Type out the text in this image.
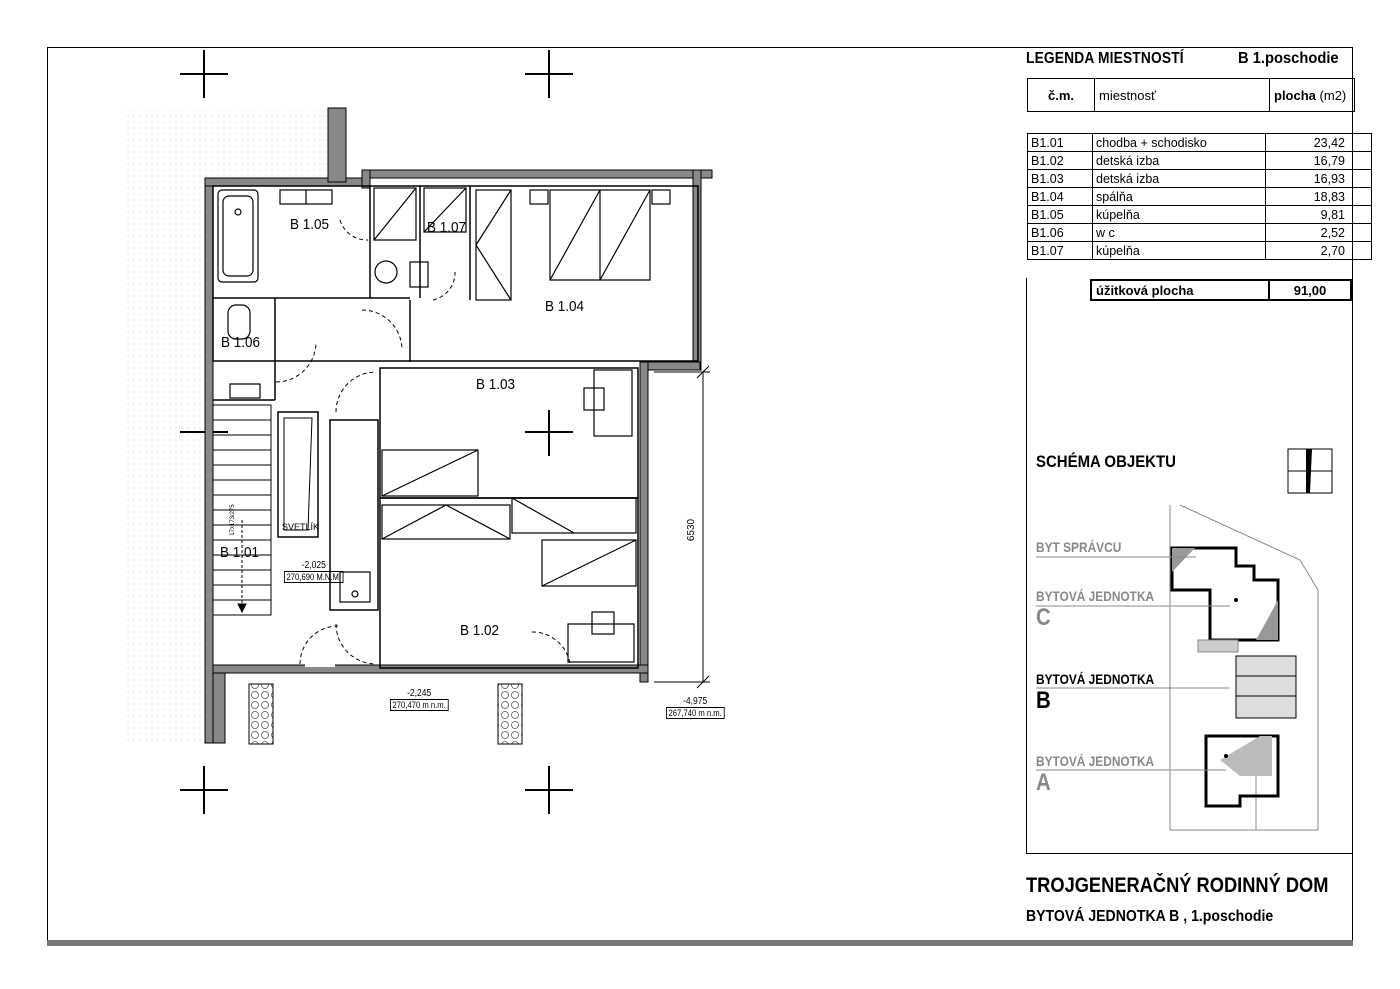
6530
17x173/275	SVETLÍK
B 1.05	B 1.07
B 1.04
B 1.06
B 1.03
B 1.01
B 1.02
-2,025
270,690 M.N.M.
-2,245
270,470 m n.m.	-4,975
267,740 m n.m.
LEGENDA MIESTNOSTÍ	B 1.poschodie
č.m.	miestnosť	plocha (m2)
B1.01	chodba + schodisko	23,42
B1.02	detská izba	16,79
B1.03	detská izba	16,93
B1.04	spálňa	18,83
B1.05	kúpelňa	9,81
B1.06	w c	2,52
B1.07	kúpelňa	2,70
úžitková plocha	91,00
SCHÉMA OBJEKTU
BYT SPRÁVCU
BYTOVÁ JEDNOTKA
C
BYTOVÁ JEDNOTKA
B
BYTOVÁ JEDNOTKA
A
TROJGENERAČNÝ RODINNÝ DOM
BYTOVÁ JEDNOTKA B , 1.poschodie
